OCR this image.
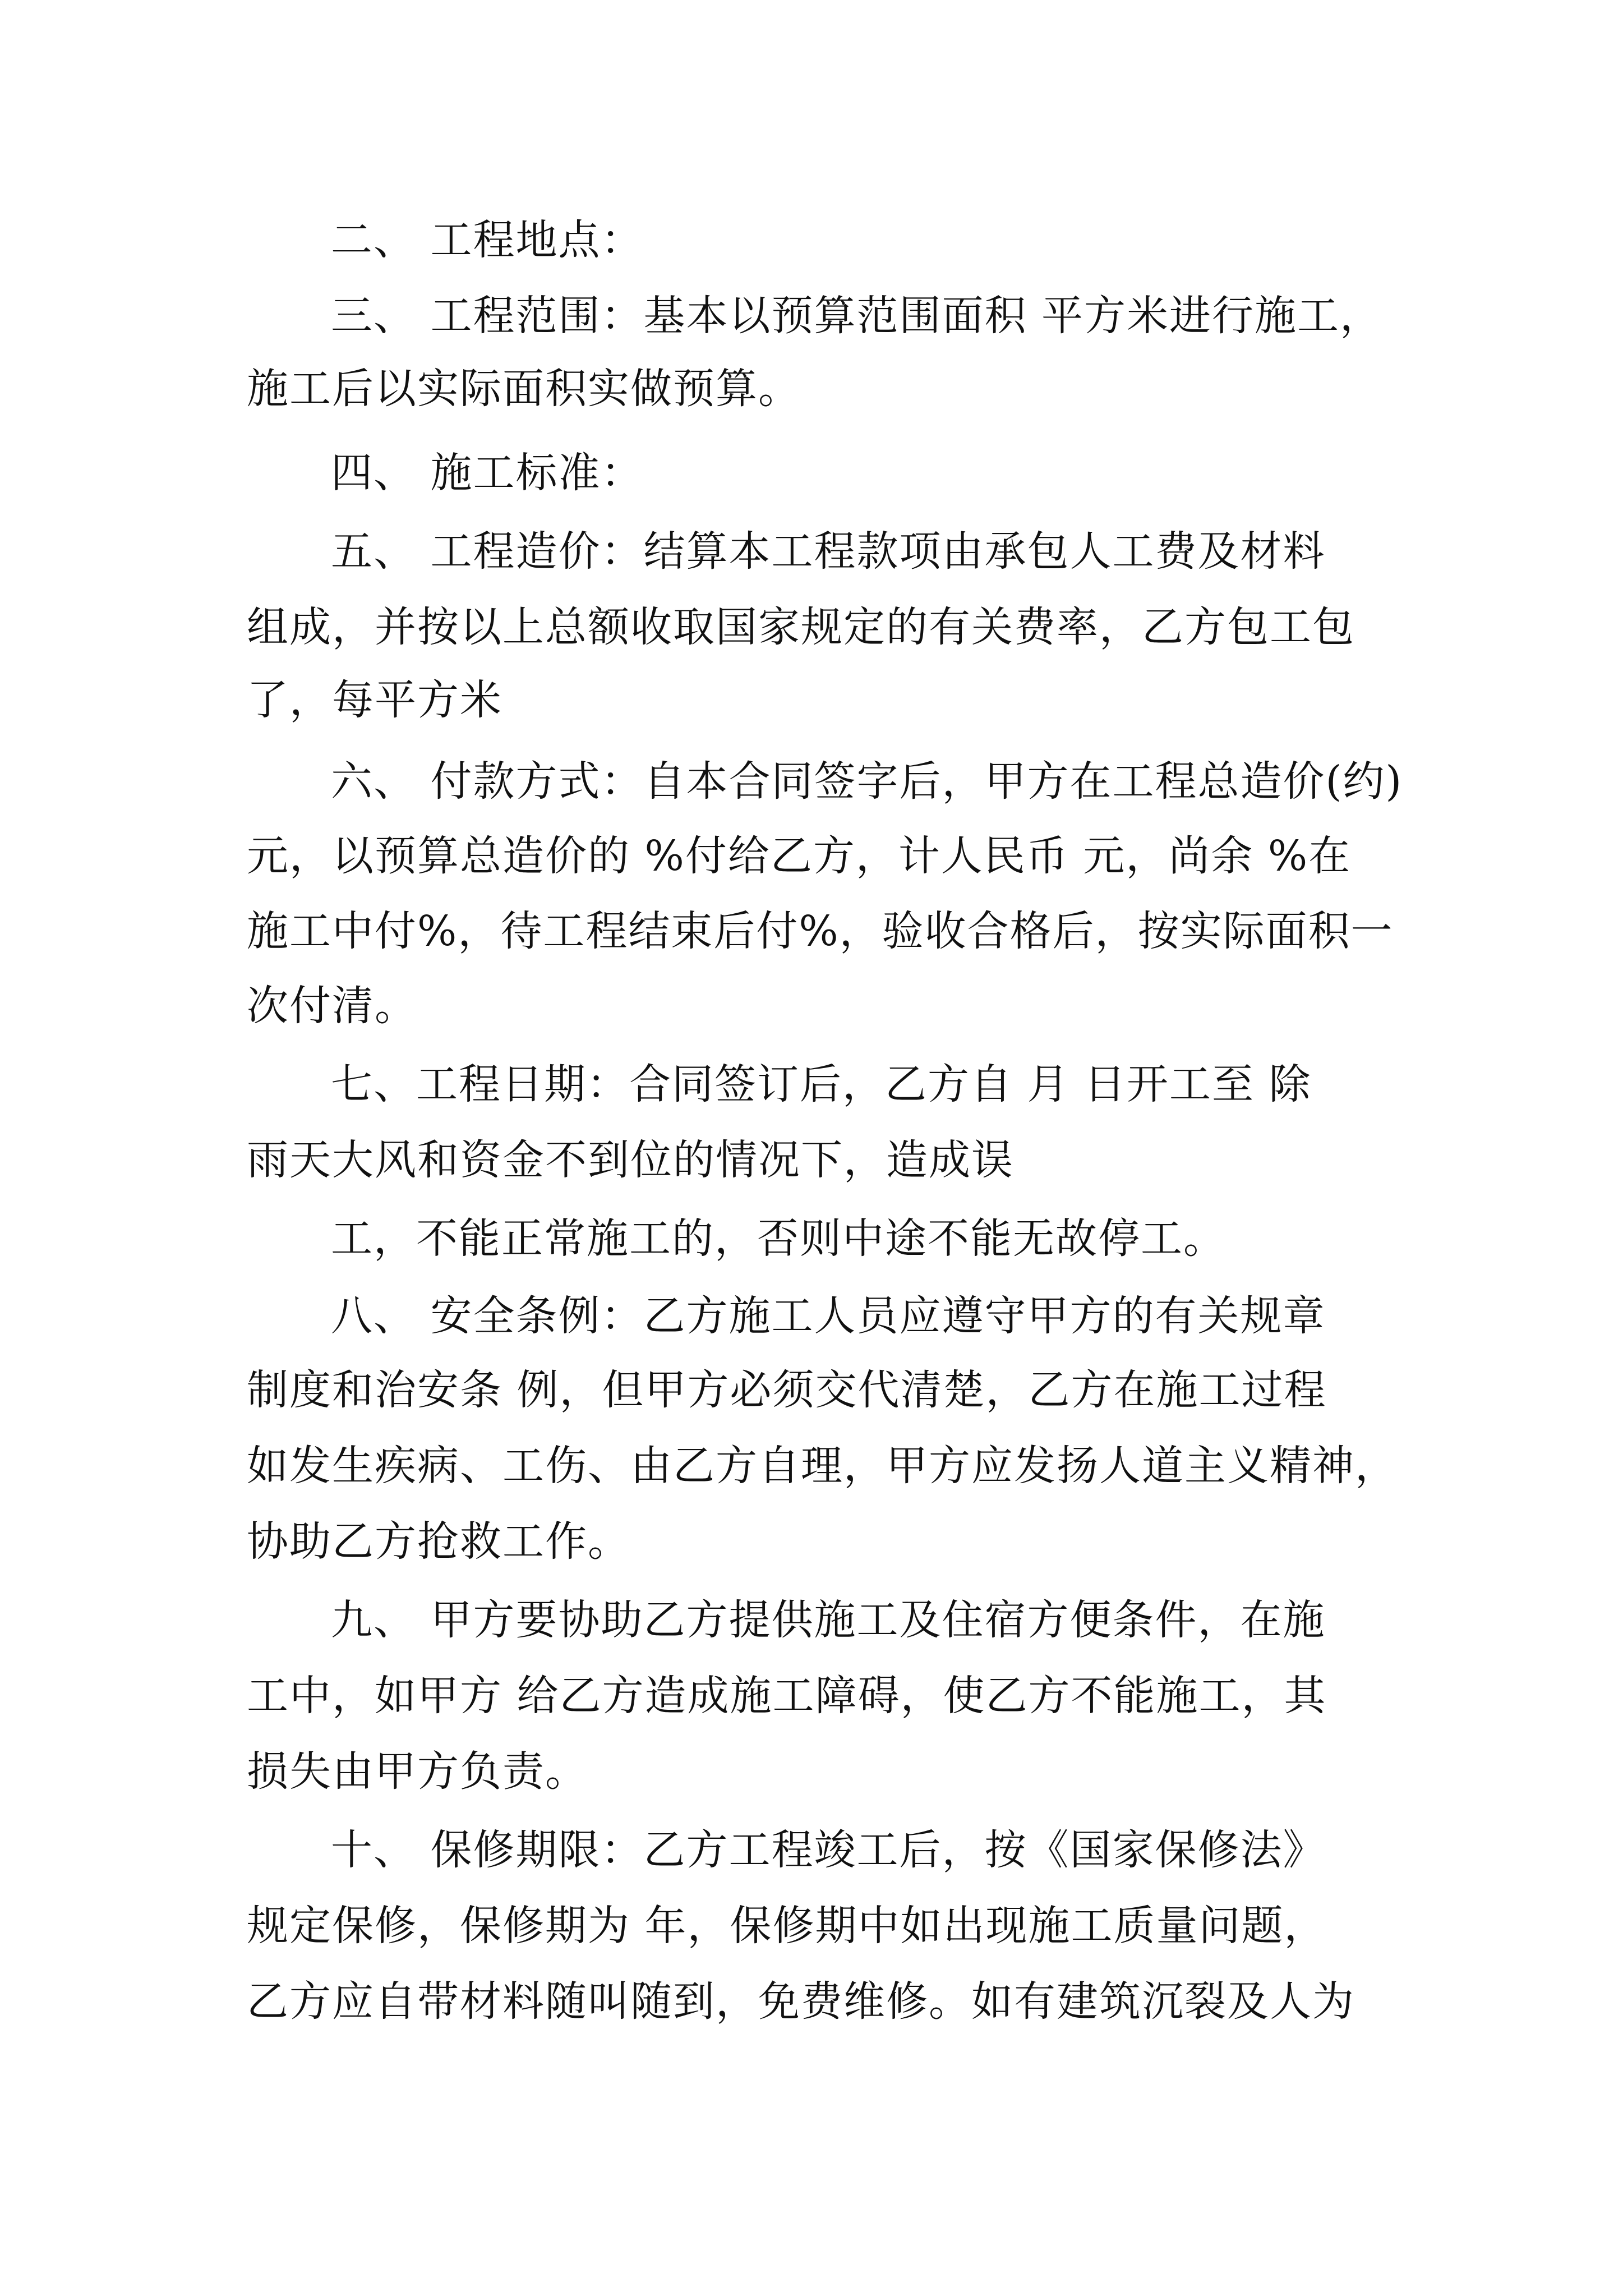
二、 工程地点：

三、 工程范围：基本以预算范围面积 平方米进行施工，

施工后以实际面积实做预算。

四、 施工标准：

五、 工程造价：结算本工程款项由承包人工费及材料

组成，并按以上总额收取国家规定的有关费率，乙方包工包

了，每平方米

六、 付款方式：自本合同签字后，甲方在工程总造价(约)

元，以预算总造价的 %付给乙方，计人民币 元，尚余 %在

施工中付%，待工程结束后付%，验收合格后，按实际面积一

次付清。

七、工程日期：合同签订后，乙方自 月 日开工至 除

雨天大风和资金不到位的情况下，造成误

工，不能正常施工的，否则中途不能无故停工。

八、 安全条例：乙方施工人员应遵守甲方的有关规章

制度和治安条 例，但甲方必须交代清楚，乙方在施工过程

如发生疾病、工伤、由乙方自理，甲方应发扬人道主义精神，

协助乙方抢救工作。

九、 甲方要协助乙方提供施工及住宿方便条件，在施

工中，如甲方 给乙方造成施工障碍，使乙方不能施工，其

损失由甲方负责。

十、 保修期限：乙方工程竣工后，按《国家保修法》

规定保修，保修期为 年，保修期中如出现施工质量问题，

乙方应自带材料随叫随到，免费维修。如有建筑沉裂及人为
